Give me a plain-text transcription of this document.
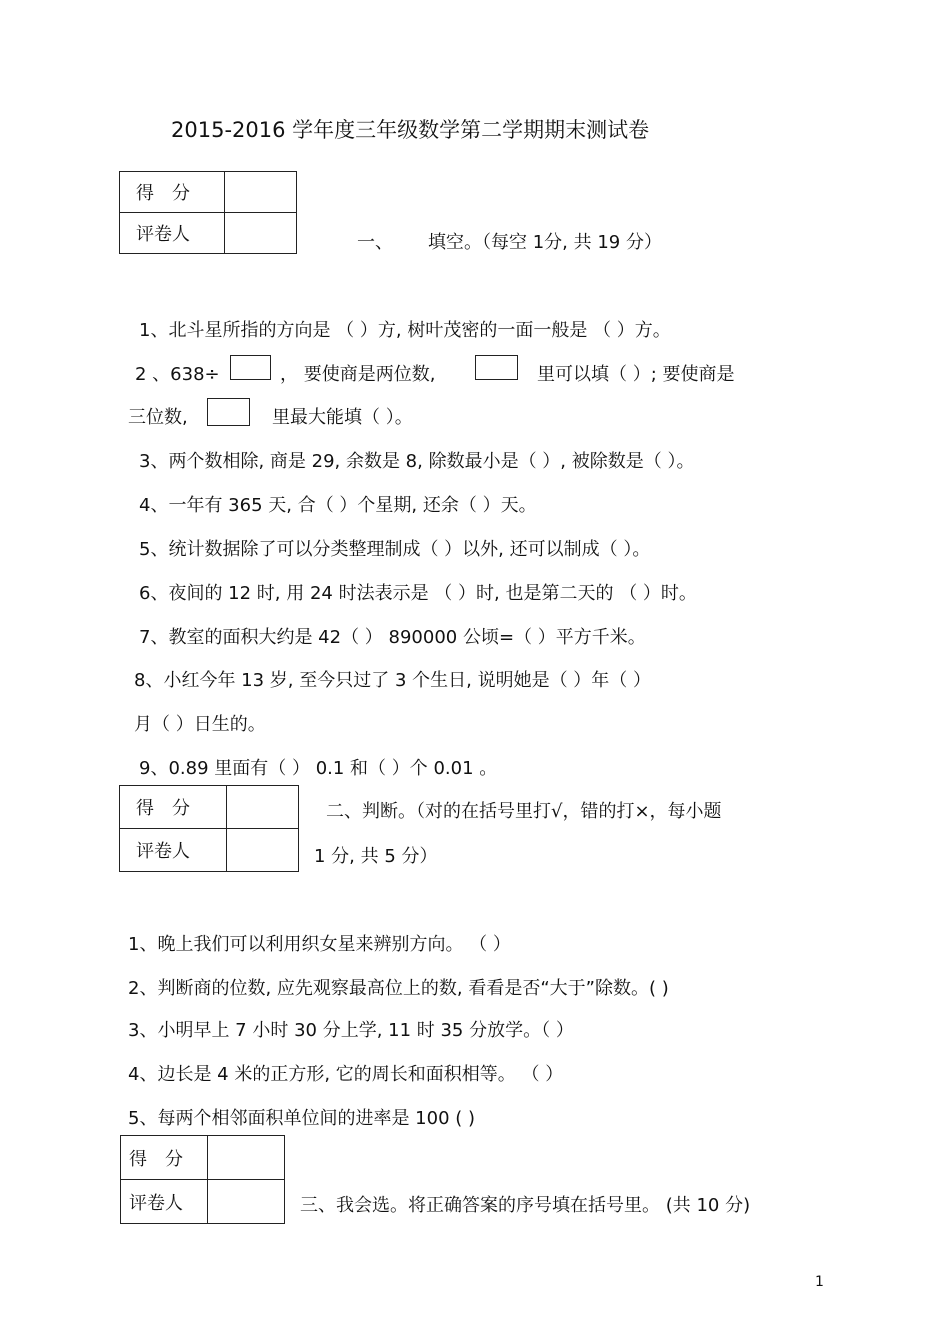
2015-2016 学年度三年级数学第二学期期末测试卷
得　分	
评卷人		一、 填空。（每空 1分, 共 19 分）
1、北斗星所指的方向是 （ ）方, 树叶茂密的一面一般是 （ ）方。
2 、638÷	， 要使商是两位数,	里可以填（ ）; 要使商是
三位数,	里最大能填（ ）。
3、两个数相除, 商是 29, 余数是 8, 除数最小是（ ）, 被除数是（ ）。
4、一年有 365 天, 合（ ）个星期, 还余（ ）天。
5、统计数据除了可以分类整理制成（ ）以外, 还可以制成（ ）。
6、夜间的 12 时, 用 24 时法表示是 （ ）时, 也是第二天的 （ ）时。
7、教室的面积大约是 42（ ） 890000 公顷=（ ）平方千米。
8、小红今年 13 岁, 至今只过了 3 个生日, 说明她是（ ）年（ ）
月（ ）日生的。
9、0.89 里面有（ ） 0.1 和（ ）个 0.01 。
得　分	
评卷人	
二、判断。（对的在括号里打√，错的打×，每小题
1 分, 共 5 分）
1、晚上我们可以利用织女星来辨别方向。 （ ）
2、判断商的位数, 应先观察最高位上的数, 看看是否“大于”除数。( )
3、小明早上 7 小时 30 分上学, 11 时 35 分放学。（ ）
4、边长是 4 米的正方形, 它的周长和面积相等。 （ ）
5、每两个相邻面积单位间的进率是 100 ( )
得　分	
评卷人		三、我会选。将正确答案的序号填在括号里。 (共 10 分)
1
